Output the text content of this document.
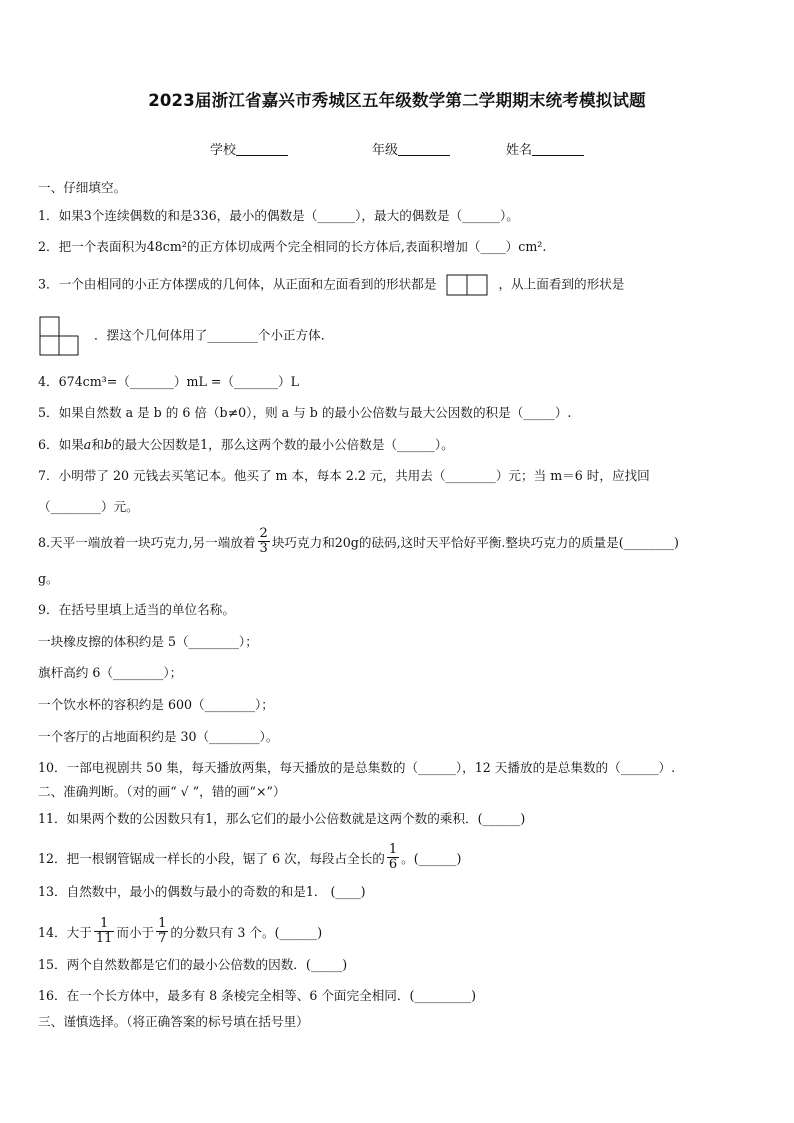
2023届浙江省嘉兴市秀城区五年级数学第二学期期末统考模拟试题
学校	年级	姓名
一、仔细填空。
1．如果3个连续偶数的和是336，最小的偶数是（______），最大的偶数是（______）。
2．把一个表面积为48cm²的正方体切成两个完全相同的长方体后,表面积增加（____）cm².
3．一个由相同的小正方体摆成的几何体，从正面和左面看到的形状都是	，从上面看到的形状是
．摆这个几何体用了________个小正方体．
4．674cm³=（_______）mL =（_______）L
5．如果自然数 a 是 b 的 6 倍（b≠0），则 a 与 b 的最小公倍数与最大公因数的积是（_____）.
6．如果a和b的最大公因数是1，那么这两个数的最小公倍数是（______）。
7．小明带了 20 元钱去买笔记本。他买了 m 本，每本 2.2 元，共用去（________）元；当 m＝6 时，应找回
（________）元。
8.天平一端放着一块巧克力,另一端放着 $\frac{2}{3}$ 块巧克力和20g的砝码,这时天平恰好平衡.整块巧克力的质量是(________)
g。
9．在括号里填上适当的单位名称。
一块橡皮擦的体积约是 5（________）；
旗杆高约 6（________）；
一个饮水杯的容积约是 600（________）；
一个客厅的占地面积约是 30（________）。
10．一部电视剧共 50 集，每天播放两集，每天播放的是总集数的（______），12 天播放的是总集数的（______）.
二、准确判断。（对的画“ √ ”，错的画“×”）
11．如果两个数的公因数只有1，那么它们的最小公倍数就是这两个数的乘积．(______)
12．把一根钢管锯成一样长的小段，锯了 6 次，每段占全长的 $\frac{1}{6}$ 。(______)
13．自然数中，最小的偶数与最小的奇数的和是1． (____)
14．大于 $\frac{1}{11}$ 而小于 $\frac{1}{7}$ 的分数只有 3 个。(______)
15．两个自然数都是它们的最小公倍数的因数．(_____)
16．在一个长方体中，最多有 8 条棱完全相等、6 个面完全相同．(_________)
三、谨慎选择。（将正确答案的标号填在括号里）
